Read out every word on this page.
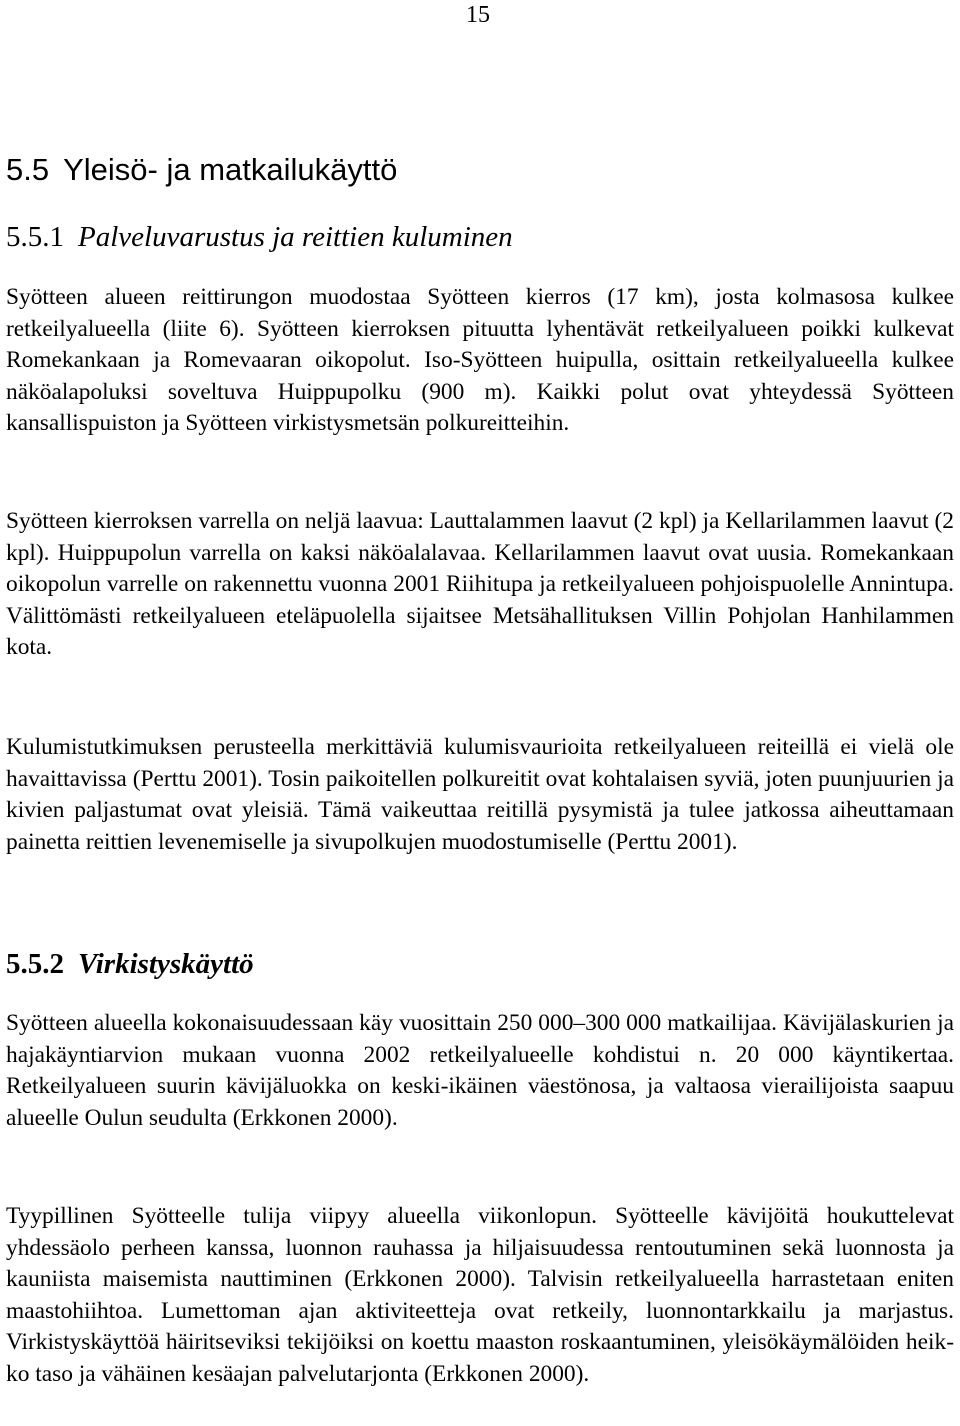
15
5.5 Yleisö- ja matkailukäyttö
5.5.1 Palveluvarustus ja reittien kuluminen

Syötteen alueen reittirungon muodostaa Syötteen kierros (17 km), josta kolmasosa kulkee retkeilyalueella (liite 6). Syötteen kierroksen pituutta lyhentävät retkeilyalueen poikki kulkevat Romekankaan ja Romevaaran oikopolut. Iso-Syötteen huipulla, osittain retkeilyalueella kulkee näköalapoluksi soveltuva Huippupolku (900 m). Kaikki polut ovat yhteydessä Syötteen kansallispuiston ja Syötteen virkistysmetsän polkureitteihin.

Syötteen kierroksen varrella on neljä laavua: Lauttalammen laavut (2 kpl) ja Kellarilammen laavut (2 kpl). Huippupolun varrella on kaksi näköalalavaa. Kellarilammen laavut ovat uusia. Romekankaan oikopolun varrelle on rakennettu vuonna 2001 Riihitupa ja retkeilyalueen pohjoispuolelle Annintupa. Välittömästi retkeilyalueen eteläpuolella sijaitsee Metsähallituksen Villin Pohjolan Hanhilammen kota.

Kulumistutkimuksen perusteella merkittäviä kulumisvaurioita retkeilyalueen reiteillä ei vielä ole havaittavissa (Perttu 2001). Tosin paikoitellen polkureitit ovat kohtalaisen syviä, joten puunjuurien ja kivien paljastumat ovat yleisiä. Tämä vaikeuttaa reitillä pysymistä ja tulee jatkossa aiheuttamaan painetta reittien levenemiselle ja sivupolkujen muodostumiselle (Perttu 2001).

5.5.2 Virkistyskäyttö

Syötteen alueella kokonaisuudessaan käy vuosittain 250 000–300 000 matkailijaa. Kävijälaskurien ja hajakäyntiarvion mukaan vuonna 2002 retkeilyalueelle kohdistui n. 20 000 käyntikertaa. Retkeilyalueen suurin kävijäluokka on keski-ikäinen väestönosa, ja valtaosa vierailijoista saapuu alueelle Oulun seudulta (Erkkonen 2000).

Tyypillinen Syötteelle tulija viipyy alueella viikonlopun. Syötteelle kävijöitä houkuttelevat yhdessäolo perheen kanssa, luonnon rauhassa ja hiljaisuudessa rentoutuminen sekä luonnosta ja kauniista maisemista nauttiminen (Erkkonen 2000). Talvisin retkeilyalueella harrastetaan eniten maastohiihtoa. Lumettoman ajan aktiviteetteja ovat retkeily, luonnontarkkailu ja marjastus. Virkistyskäyttöä häiritseviksi tekijöiksi on koettu maaston roskaantuminen, yleisökäymälöiden heikko taso ja vähäinen kesäajan palvelutarjonta (Erkkonen 2000).
